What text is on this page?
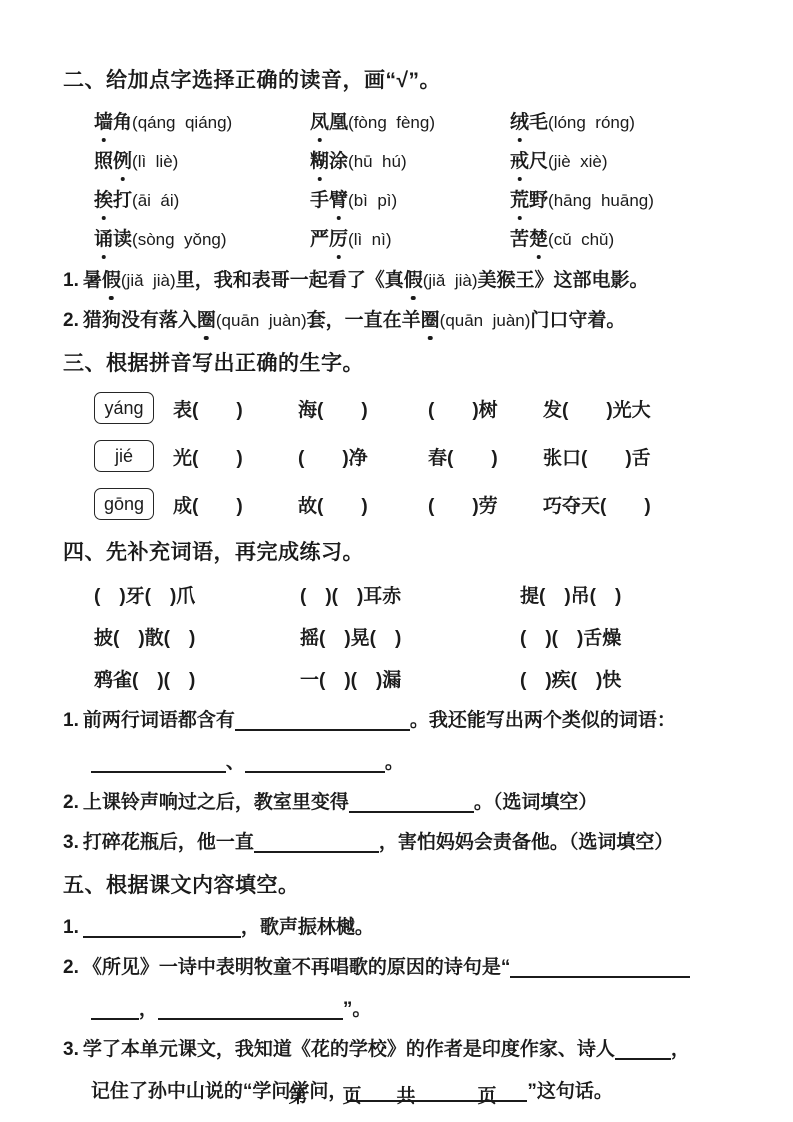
二、给加点字选择正确的读音，画“√”。
墙角(qáng  qiáng)	凤凰(fòng  fèng)	绒毛(lóng  róng)
照例(lì  liè)	糊涂(hū  hú)	戒尺(jiè  xiè)
挨打(āi  ái)	手臂(bì  pì)	荒野(hāng  huāng)
诵读(sòng  yǒng)	严厉(lì  nì)	苦楚(cǔ  chǔ)
1. 暑假(jiǎ  jià)里，我和表哥一起看了《真假(jiǎ  jià)美猴王》这部电影。
2. 猎狗没有落入圈(quān  juàn)套，一直在羊圈(quān  juàn)门口守着。
三、根据拼音写出正确的生字。
yáng	表(　　)	海(　　)	(　　)树	发(　　)光大
jié	光(　　)	(　　)净	春(　　)	张口(　　)舌
gōng	成(　　)	故(　　)	(　　)劳	巧夺天(　　)
四、先补充词语，再完成练习。
(　)牙(　)爪	(　)(　)耳赤	提(　)吊(　)
披(　)散(　)	摇(　)晃(　)	(　)(　)舌燥
鸦雀(　)(　)	一(　)(　)漏	(　)疾(　)快
1. 前两行词语都含有	。我还能写出两个类似的词语：
、	。
2. 上课铃声响过之后，教室里变得	。（选词填空）
3. 打碎花瓶后，他一直	，害怕妈妈会责备他。（选词填空）
五、根据课文内容填空。
1.	，歌声振林樾。
2. 《所见》一诗中表明牧童不再唱歌的原因的诗句是“
，	”。
3. 学了本单元课文，我知道《花的学校》的作者是印度作家、诗人	，
记住了孙中山说的“学问学问，	”这句话。
第　页　共　　页
